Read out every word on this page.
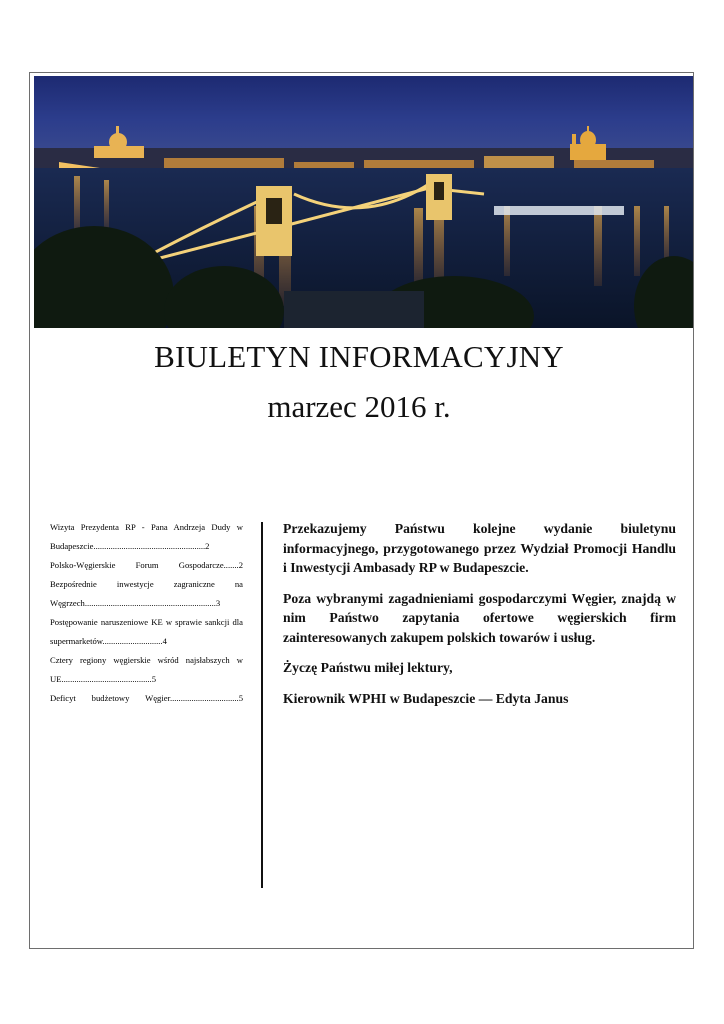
BIULETYN INFORMACYJNY
marzec 2016 r.
Wizyta Prezydenta RP - Pana Andrzeja Dudy w Budapeszcie....................................................2
Polsko-Węgierskie Forum Gospodarcze.......2
Bezpośrednie inwestycje zagraniczne na Węgrzech.............................................................3
Postępowanie naruszeniowe KE w sprawie sankcji dla supermarketów............................4
Cztery regiony węgierskie wśród najsłabszych w UE..........................................5
Deficyt budżetowy Węgier................................5

Przekazujemy Państwu kolejne wydanie biuletynu informacyjnego, przygotowanego przez Wydział Promocji Handlu i Inwestycji Ambasady RP w Budapeszcie.

Poza wybranymi zagadnieniami gospodarczymi Węgier, znajdą w nim Państwo zapytania ofertowe węgierskich firm zainteresowanych zakupem polskich towarów i usług.

Życzę Państwu miłej lektury,

Kierownik WPHI w Budapeszcie — Edyta Janus
